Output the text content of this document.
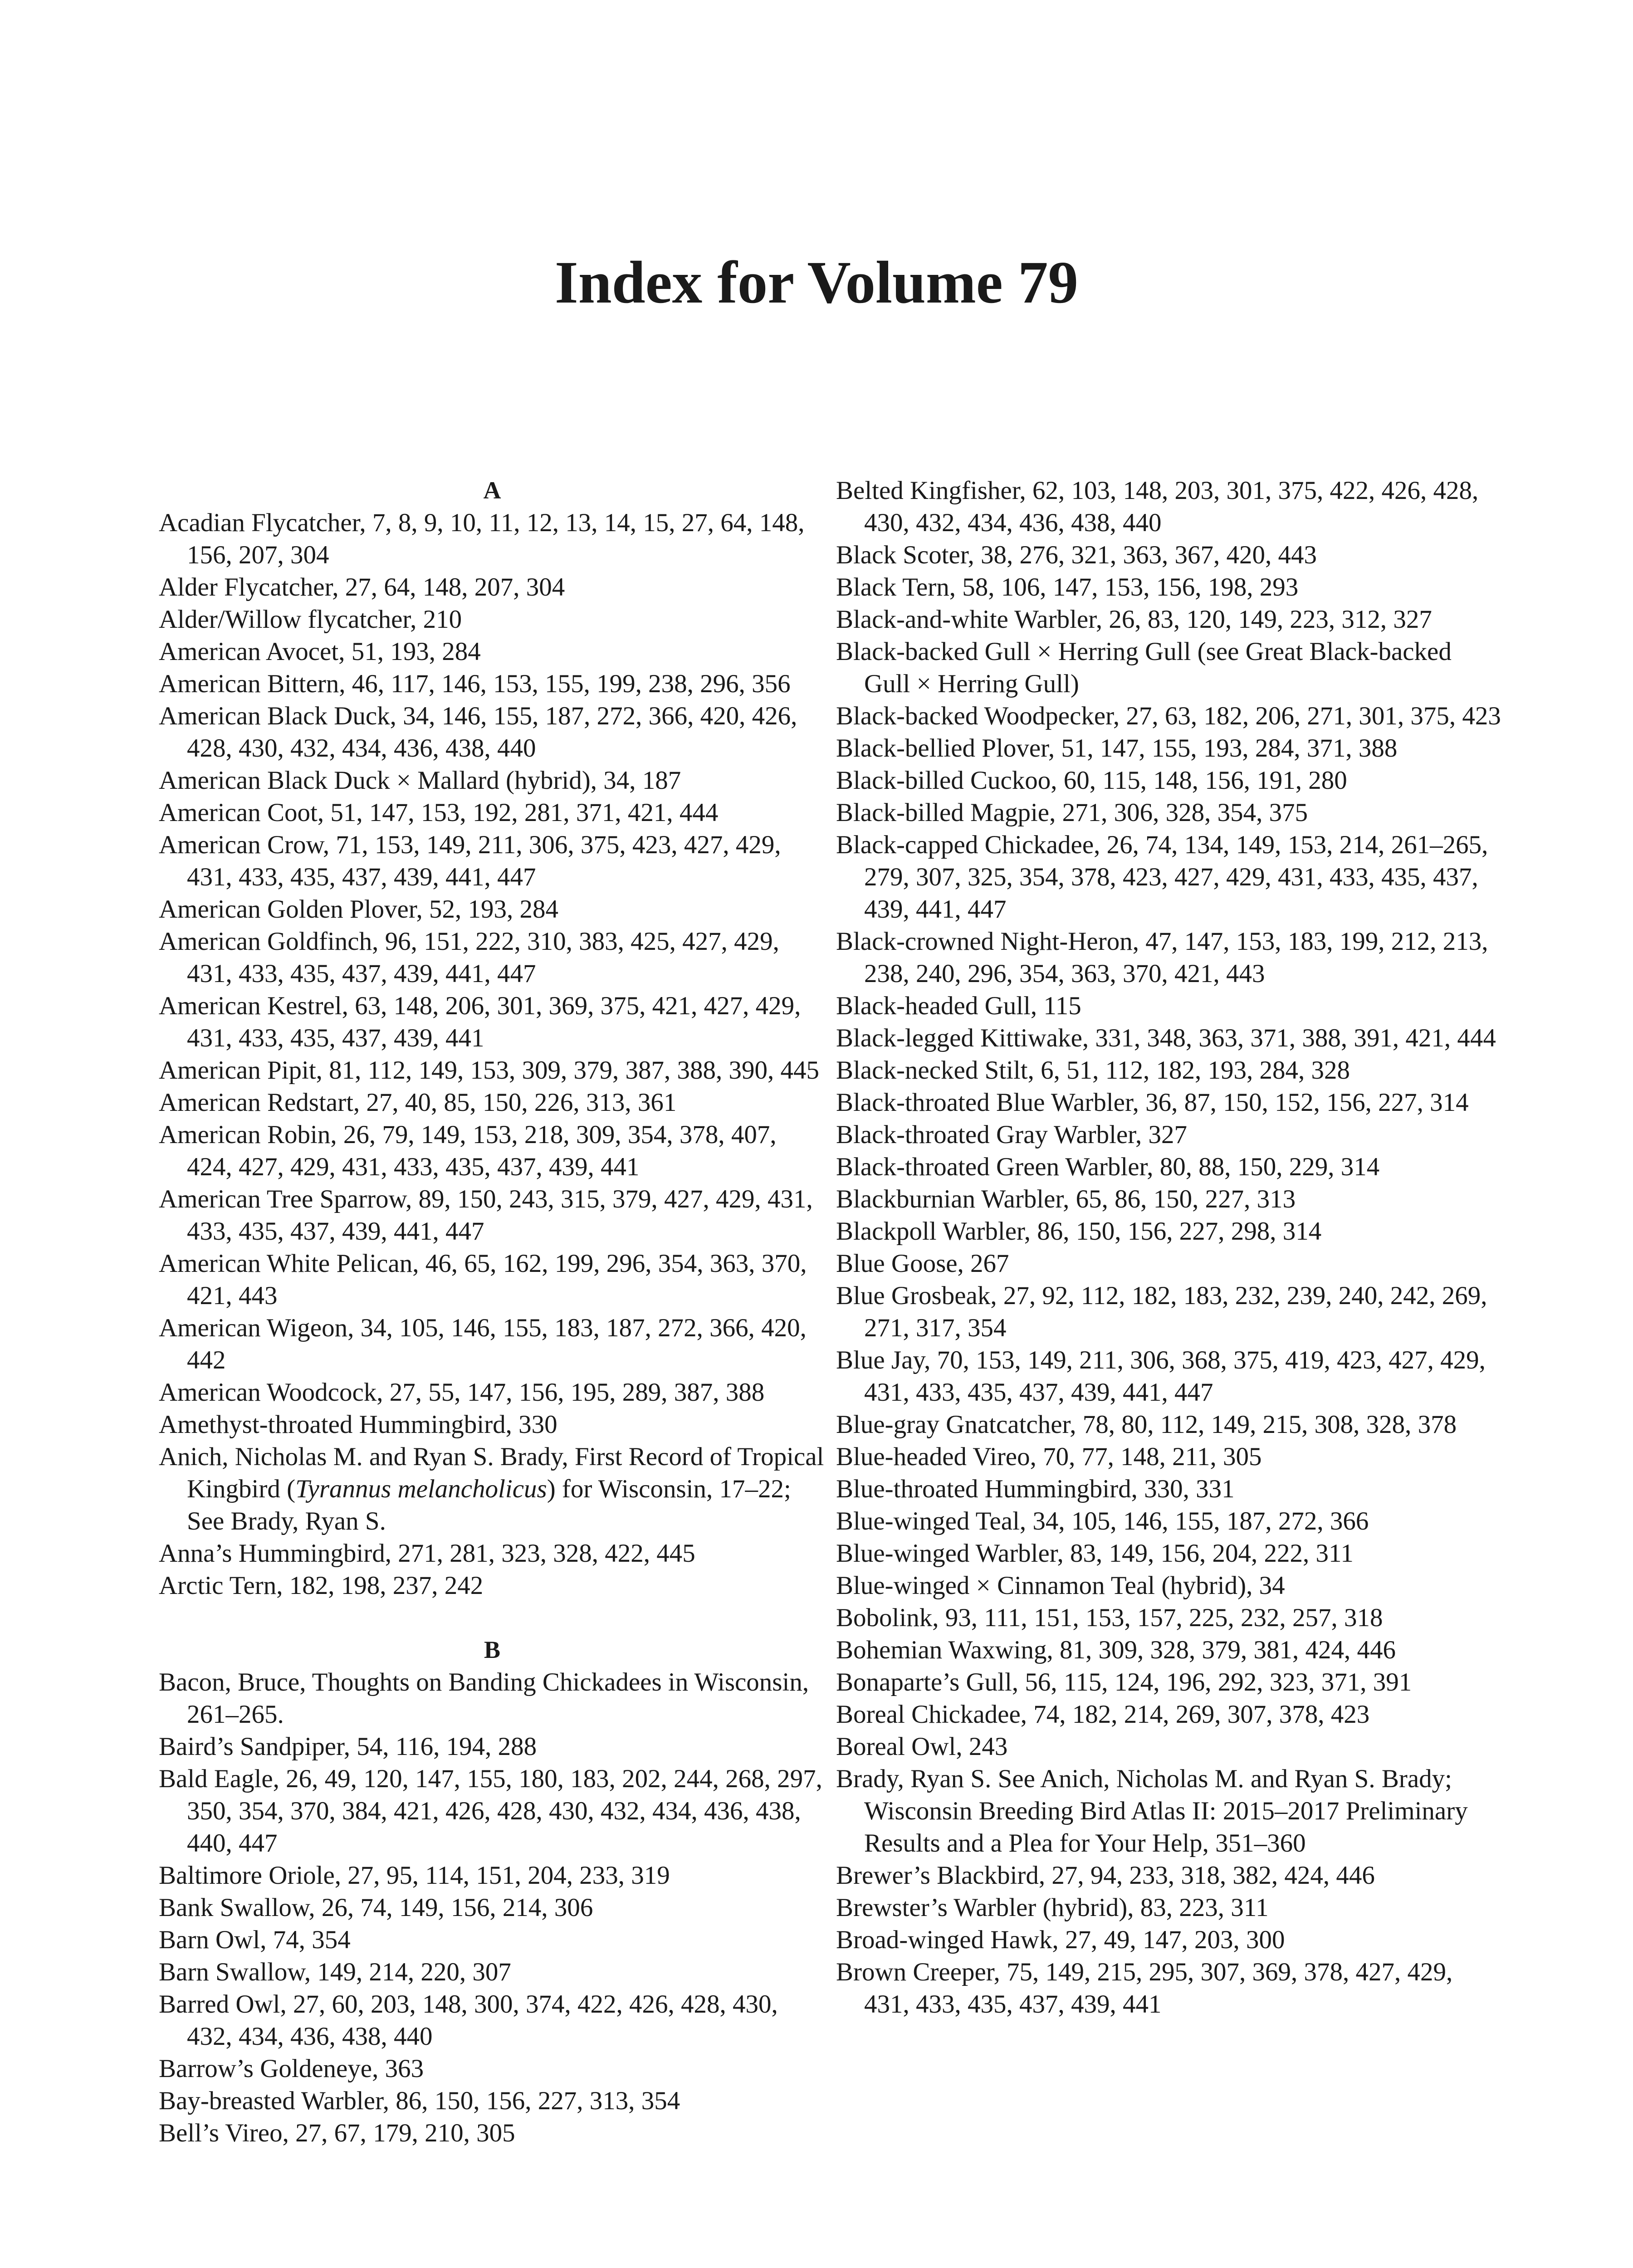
Index for Volume 79
A
Acadian Flycatcher, 7, 8, 9, 10, 11, 12, 13, 14, 15, 27, 64, 148, 156, 207, 304
Alder Flycatcher, 27, 64, 148, 207, 304
Alder/Willow flycatcher, 210
American Avocet, 51, 193, 284
American Bittern, 46, 117, 146, 153, 155, 199, 238, 296, 356
American Black Duck, 34, 146, 155, 187, 272, 366, 420, 426, 428, 430, 432, 434, 436, 438, 440
American Black Duck × Mallard (hybrid), 34, 187
American Coot, 51, 147, 153, 192, 281, 371, 421, 444
American Crow, 71, 153, 149, 211, 306, 375, 423, 427, 429, 431, 433, 435, 437, 439, 441, 447
American Golden Plover, 52, 193, 284
American Goldfinch, 96, 151, 222, 310, 383, 425, 427, 429, 431, 433, 435, 437, 439, 441, 447
American Kestrel, 63, 148, 206, 301, 369, 375, 421, 427, 429, 431, 433, 435, 437, 439, 441
American Pipit, 81, 112, 149, 153, 309, 379, 387, 388, 390, 445
American Redstart, 27, 40, 85, 150, 226, 313, 361
American Robin, 26, 79, 149, 153, 218, 309, 354, 378, 407, 424, 427, 429, 431, 433, 435, 437, 439, 441
American Tree Sparrow, 89, 150, 243, 315, 379, 427, 429, 431, 433, 435, 437, 439, 441, 447
American White Pelican, 46, 65, 162, 199, 296, 354, 363, 370, 421, 443
American Wigeon, 34, 105, 146, 155, 183, 187, 272, 366, 420, 442
American Woodcock, 27, 55, 147, 156, 195, 289, 387, 388
Amethyst-throated Hummingbird, 330
Anich, Nicholas M. and Ryan S. Brady, First Record of Tropical Kingbird (Tyrannus melancholicus) for Wisconsin, 17–22; See Brady, Ryan S.
Anna’s Hummingbird, 271, 281, 323, 328, 422, 445
Arctic Tern, 182, 198, 237, 242
B
Bacon, Bruce, Thoughts on Banding Chickadees in Wisconsin, 261–265.
Baird’s Sandpiper, 54, 116, 194, 288
Bald Eagle, 26, 49, 120, 147, 155, 180, 183, 202, 244, 268, 297, 350, 354, 370, 384, 421, 426, 428, 430, 432, 434, 436, 438, 440, 447
Baltimore Oriole, 27, 95, 114, 151, 204, 233, 319
Bank Swallow, 26, 74, 149, 156, 214, 306
Barn Owl, 74, 354
Barn Swallow, 149, 214, 220, 307
Barred Owl, 27, 60, 203, 148, 300, 374, 422, 426, 428, 430, 432, 434, 436, 438, 440
Barrow’s Goldeneye, 363
Bay-breasted Warbler, 86, 150, 156, 227, 313, 354
Bell’s Vireo, 27, 67, 179, 210, 305
Belted Kingfisher, 62, 103, 148, 203, 301, 375, 422, 426, 428, 430, 432, 434, 436, 438, 440
Black Scoter, 38, 276, 321, 363, 367, 420, 443
Black Tern, 58, 106, 147, 153, 156, 198, 293
Black-and-white Warbler, 26, 83, 120, 149, 223, 312, 327
Black-backed Gull × Herring Gull (see Great Black-backed Gull × Herring Gull)
Black-backed Woodpecker, 27, 63, 182, 206, 271, 301, 375, 423
Black-bellied Plover, 51, 147, 155, 193, 284, 371, 388
Black-billed Cuckoo, 60, 115, 148, 156, 191, 280
Black-billed Magpie, 271, 306, 328, 354, 375
Black-capped Chickadee, 26, 74, 134, 149, 153, 214, 261–265, 279, 307, 325, 354, 378, 423, 427, 429, 431, 433, 435, 437, 439, 441, 447
Black-crowned Night-Heron, 47, 147, 153, 183, 199, 212, 213, 238, 240, 296, 354, 363, 370, 421, 443
Black-headed Gull, 115
Black-legged Kittiwake, 331, 348, 363, 371, 388, 391, 421, 444
Black-necked Stilt, 6, 51, 112, 182, 193, 284, 328
Black-throated Blue Warbler, 36, 87, 150, 152, 156, 227, 314
Black-throated Gray Warbler, 327
Black-throated Green Warbler, 80, 88, 150, 229, 314
Blackburnian Warbler, 65, 86, 150, 227, 313
Blackpoll Warbler, 86, 150, 156, 227, 298, 314
Blue Goose, 267
Blue Grosbeak, 27, 92, 112, 182, 183, 232, 239, 240, 242, 269, 271, 317, 354
Blue Jay, 70, 153, 149, 211, 306, 368, 375, 419, 423, 427, 429, 431, 433, 435, 437, 439, 441, 447
Blue-gray Gnatcatcher, 78, 80, 112, 149, 215, 308, 328, 378
Blue-headed Vireo, 70, 77, 148, 211, 305
Blue-throated Hummingbird, 330, 331
Blue-winged Teal, 34, 105, 146, 155, 187, 272, 366
Blue-winged Warbler, 83, 149, 156, 204, 222, 311
Blue-winged × Cinnamon Teal (hybrid), 34
Bobolink, 93, 111, 151, 153, 157, 225, 232, 257, 318
Bohemian Waxwing, 81, 309, 328, 379, 381, 424, 446
Bonaparte’s Gull, 56, 115, 124, 196, 292, 323, 371, 391
Boreal Chickadee, 74, 182, 214, 269, 307, 378, 423
Boreal Owl, 243
Brady, Ryan S. See Anich, Nicholas M. and Ryan S. Brady; Wisconsin Breeding Bird Atlas II: 2015–2017 Preliminary Results and a Plea for Your Help, 351–360
Brewer’s Blackbird, 27, 94, 233, 318, 382, 424, 446
Brewster’s Warbler (hybrid), 83, 223, 311
Broad-winged Hawk, 27, 49, 147, 203, 300
Brown Creeper, 75, 149, 215, 295, 307, 369, 378, 427, 429, 431, 433, 435, 437, 439, 441
